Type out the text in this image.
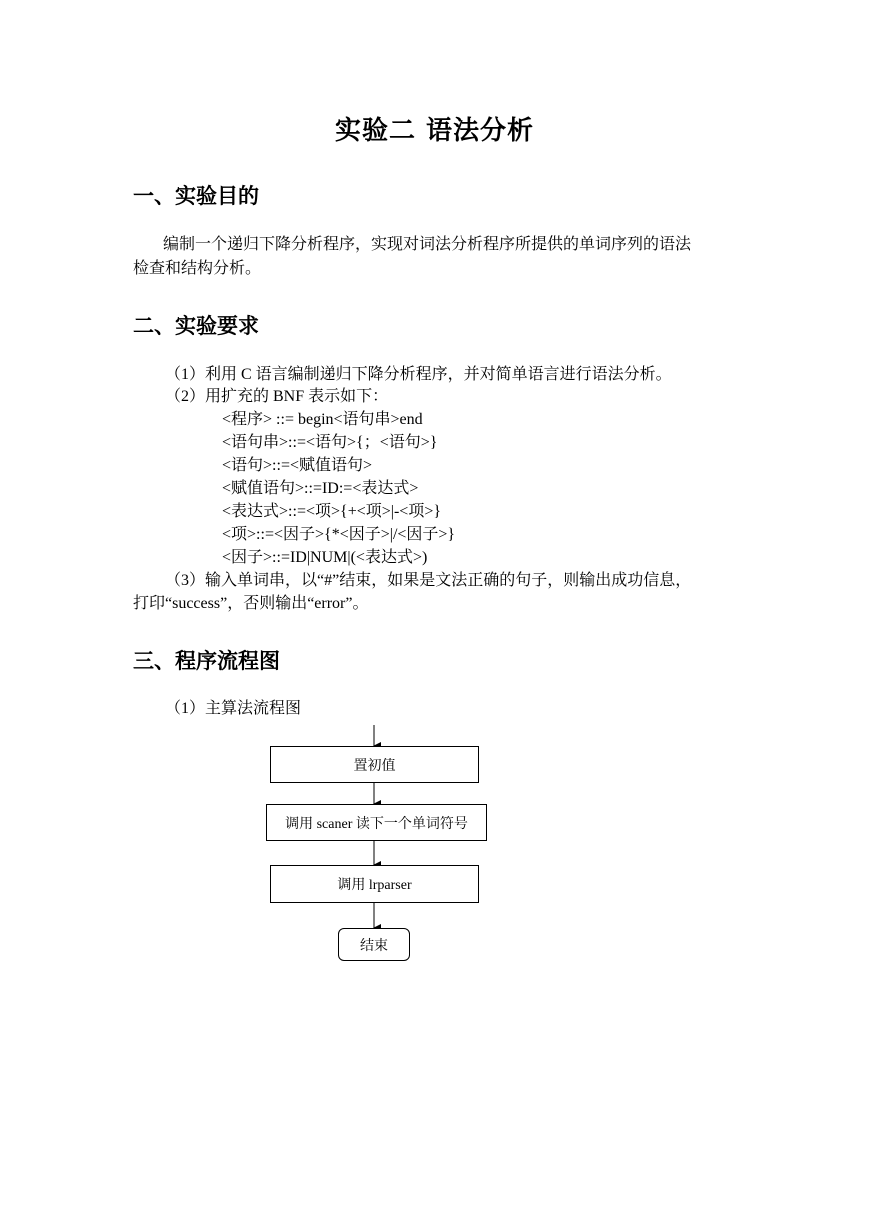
实验二 语法分析
一、实验目的
编制一个递归下降分析程序，实现对词法分析程序所提供的单词序列的语法
检查和结构分析。
二、实验要求
（1）利用 C 语言编制递归下降分析程序，并对简单语言进行语法分析。
（2）用扩充的 BNF 表示如下：
<程序> ::= begin<语句串>end
<语句串>::=<语句>{；<语句>}
<语句>::=<赋值语句>
<赋值语句>::=ID:=<表达式>
<表达式>::=<项>{+<项>|-<项>}
<项>::=<因子>{*<因子>|/<因子>}
<因子>::=ID|NUM|(<表达式>)
（3）输入单词串，以“#”结束，如果是文法正确的句子，则输出成功信息，
打印“success”，否则输出“error”。
三、程序流程图
（1）主算法流程图
置初值
调用 scaner 读下一个单词符号
调用 lrparser
结束
